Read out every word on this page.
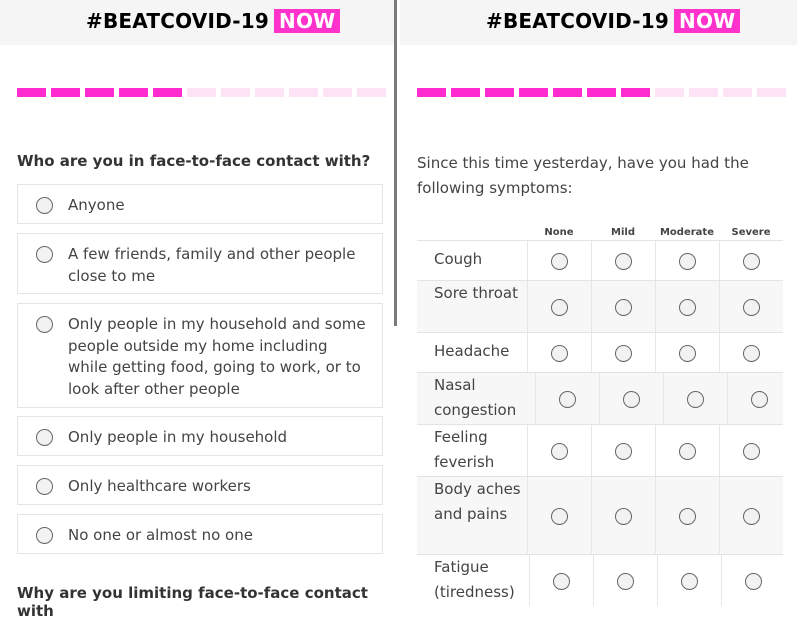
#BEATCOVID-19 NOW
Who are you in face-to-face contact with?
Anyone
A few friends, family and other people close to me
Only people in my household and some people outside my home including while getting food, going to work, or to look after other people
Only people in my household
Only healthcare workers
No one or almost no one
Why are you limiting face-to-face contact with
#BEATCOVID-19 NOW
Since this time yesterday, have you had the following symptoms:
None	Mild	Moderate	Severe
Cough
Sore throat
Headache
Nasal congestion
Feeling feverish
Body aches and pains
Fatigue (tiredness)
